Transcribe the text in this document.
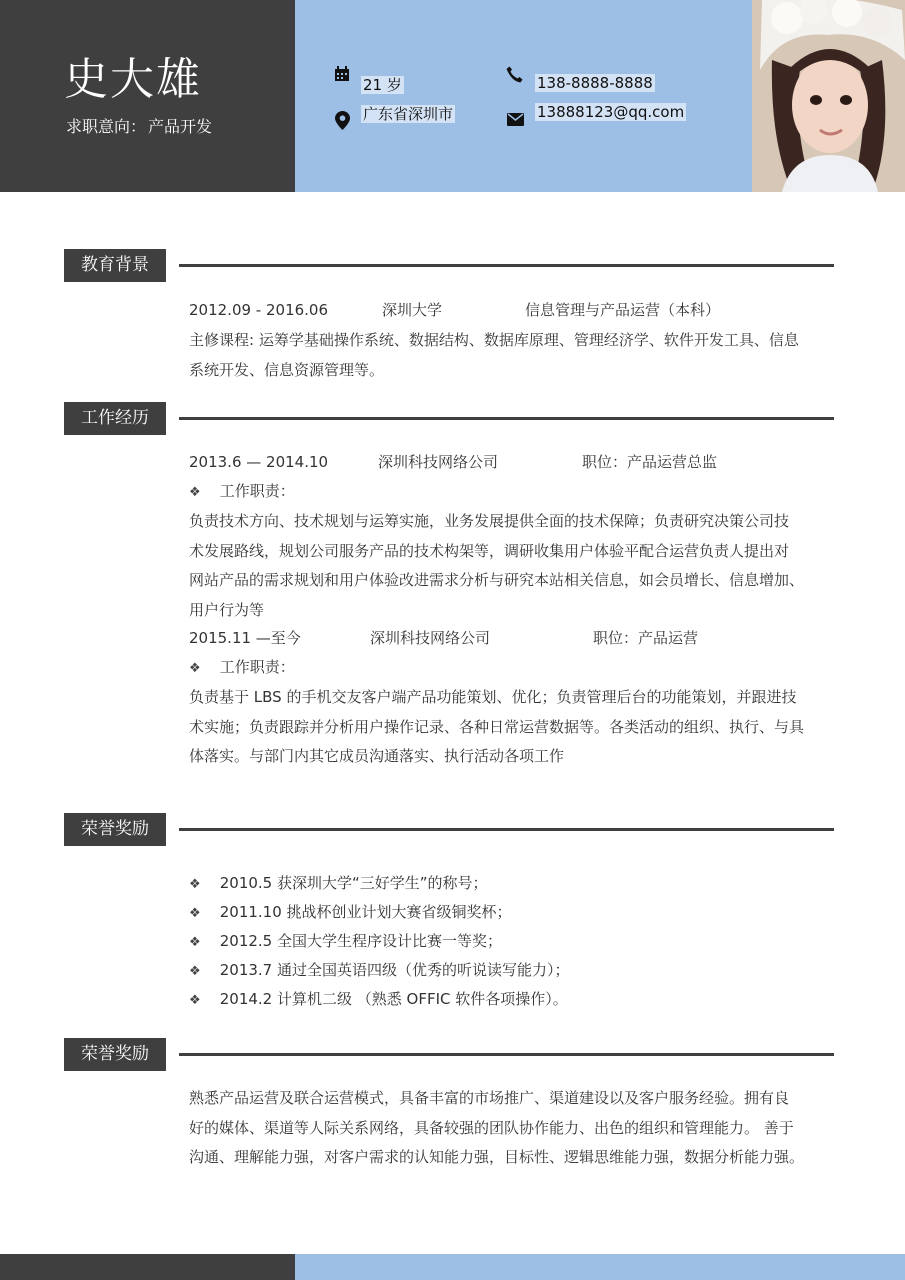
史大雄
求职意向： 产品开发
21 岁
广东省深圳市
138-8888-8888
13888123@qq.com
教育背景
2012.09 - 2016.06	深圳大学	信息管理与产品运营（本科）
主修课程: 运筹学基础操作系统、数据结构、数据库原理、管理经济学、软件开发工具、信息
系统开发、信息资源管理等。
工作经历
2013.6 — 2014.10	深圳科技网络公司	职位：产品运营总监
❖ 工作职责：
负责技术方向、技术规划与运筹实施，业务发展提供全面的技术保障；负责研究决策公司技
术发展路线，规划公司服务产品的技术构架等，调研收集用户体验平配合运营负责人提出对
网站产品的需求规划和用户体验改进需求分析与研究本站相关信息，如会员增长、信息增加、
用户行为等
2015.11 —至今	深圳科技网络公司	职位：产品运营
❖ 工作职责：
负责基于 LBS 的手机交友客户端产品功能策划、优化；负责管理后台的功能策划，并跟进技
术实施；负责跟踪并分析用户操作记录、各种日常运营数据等。各类活动的组织、执行、与具
体落实。与部门内其它成员沟通落实、执行活动各项工作
荣誉奖励
❖ 2010.5 获深圳大学“三好学生”的称号；
❖ 2011.10 挑战杯创业计划大赛省级铜奖杯；
❖ 2012.5 全国大学生程序设计比赛一等奖；
❖ 2013.7 通过全国英语四级（优秀的听说读写能力）；
❖ 2014.2 计算机二级 （熟悉 OFFIC 软件各项操作）。
荣誉奖励
熟悉产品运营及联合运营模式，具备丰富的市场推广、渠道建设以及客户服务经验。拥有良
好的媒体、渠道等人际关系网络，具备较强的团队协作能力、出色的组织和管理能力。 善于
沟通、理解能力强，对客户需求的认知能力强，目标性、逻辑思维能力强，数据分析能力强。
